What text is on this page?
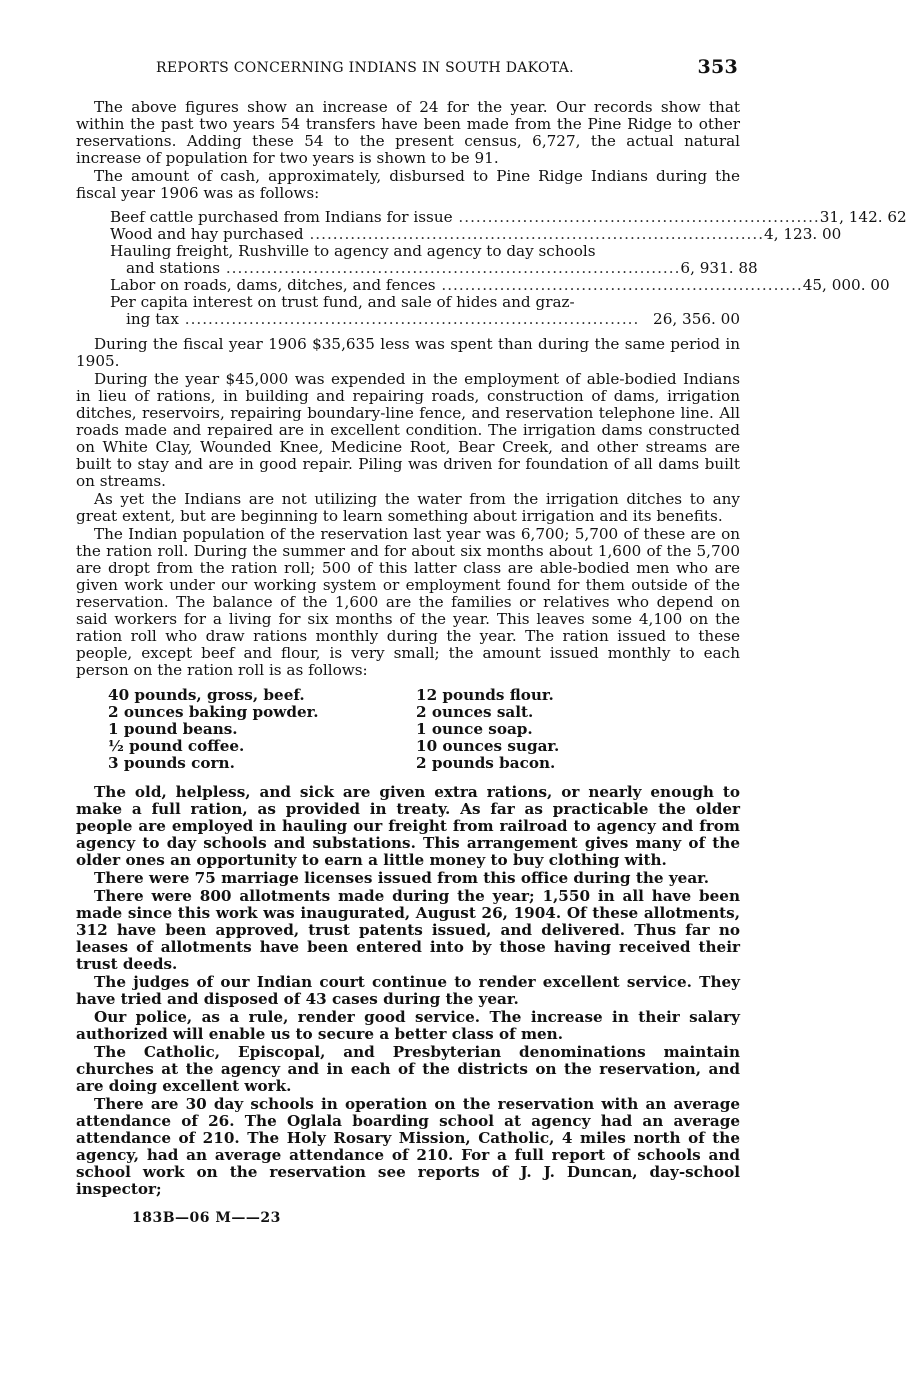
REPORTS CONCERNING INDIANS IN SOUTH DAKOTA.	353

The above figures show an increase of 24 for the year. Our records show that within the past two years 54 transfers have been made from the Pine Ridge to other reservations. Adding these 54 to the present census, 6,727, the actual natural increase of population for two years is shown to be 91.

The amount of cash, approximately, disbursed to Pine Ridge Indians during the fiscal year 1906 was as follows:

Beef cattle purchased from Indians for issue .............................................................. 31, 142. 62
Wood and hay purchased .............................................................................. 4, 123. 00
Hauling freight, Rushville to agency and agency to day schools
and stations .............................................................................. 6, 931. 88
Labor on roads, dams, ditches, and fences .............................................................. 45, 000. 00
Per capita interest on trust fund, and sale of hides and graz-
ing tax .............................................................................. 26, 356. 00

During the fiscal year 1906 $35,635 less was spent than during the same period in 1905.

During the year $45,000 was expended in the employment of able-bodied Indians in lieu of rations, in building and repairing roads, construction of dams, irrigation ditches, reservoirs, repairing boundary-line fence, and reservation telephone line. All roads made and repaired are in excellent condition. The irrigation dams constructed on White Clay, Wounded Knee, Medicine Root, Bear Creek, and other streams are built to stay and are in good repair. Piling was driven for foundation of all dams built on streams.

As yet the Indians are not utilizing the water from the irrigation ditches to any great extent, but are beginning to learn something about irrigation and its benefits.

The Indian population of the reservation last year was 6,700; 5,700 of these are on the ration roll. During the summer and for about six months about 1,600 of the 5,700 are dropt from the ration roll; 500 of this latter class are able-bodied men who are given work under our working system or employment found for them outside of the reservation. The balance of the 1,600 are the families or relatives who depend on said workers for a living for six months of the year. This leaves some 4,100 on the ration roll who draw rations monthly during the year. The ration issued to these people, except beef and flour, is very small; the amount issued monthly to each person on the ration roll is as follows:

40 pounds, gross, beef.	12 pounds flour.
2 ounces baking powder.	2 ounces salt.
1 pound beans.	1 ounce soap.
½ pound coffee.	10 ounces sugar.
3 pounds corn.	2 pounds bacon.

The old, helpless, and sick are given extra rations, or nearly enough to make a full ration, as provided in treaty. As far as practicable the older people are employed in hauling our freight from railroad to agency and from agency to day schools and substations. This arrangement gives many of the older ones an opportunity to earn a little money to buy clothing with.

There were 75 marriage licenses issued from this office during the year.

There were 800 allotments made during the year; 1,550 in all have been made since this work was inaugurated, August 26, 1904. Of these allotments, 312 have been approved, trust patents issued, and delivered. Thus far no leases of allotments have been entered into by those having received their trust deeds.

The judges of our Indian court continue to render excellent service. They have tried and disposed of 43 cases during the year.

Our police, as a rule, render good service. The increase in their salary authorized will enable us to secure a better class of men.

The Catholic, Episcopal, and Presbyterian denominations maintain churches at the agency and in each of the districts on the reservation, and are doing excellent work.

There are 30 day schools in operation on the reservation with an average attendance of 26. The Oglala boarding school at agency had an average attendance of 210. The Holy Rosary Mission, Catholic, 4 miles north of the agency, had an average attendance of 210. For a full report of schools and school work on the reservation see reports of J. J. Duncan, day-school inspector;

183B—06 M——23
